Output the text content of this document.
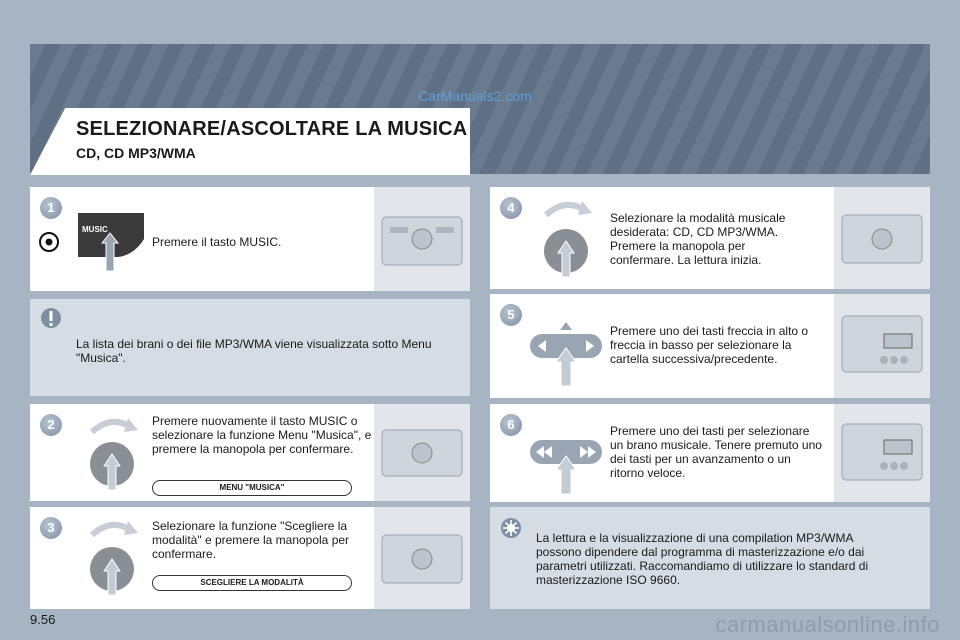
CarManuals2.com
SELEZIONARE/ASCOLTARE LA MUSICA
CD, CD MP3/WMA
1
MUSIC
Premere il tasto MUSIC.
La lista dei brani o dei file MP3/WMA viene visualizzata sotto Menu "Musica".
2	Premere nuovamente il tasto MUSIC o selezionare la funzione Menu "Musica", e premere la manopola per confermare.
MENU "MUSICA"
3	Selezionare la funzione "Scegliere la modalità" e premere la manopola per confermare.
SCEGLIERE LA MODALITÀ
4
Selezionare la modalità musicale desiderata: CD, CD MP3/WMA. Premere la manopola per confermare. La lettura inizia.
5
Premere uno dei tasti freccia in alto o freccia in basso per selezionare la cartella successiva/precedente.
6	Premere uno dei tasti per selezionare un brano musicale. Tenere premuto uno dei tasti per un avanzamento o un ritorno veloce.
La lettura e la visualizzazione di una compilation MP3/WMA possono dipendere dal programma di masterizzazione e/o dai parametri utilizzati. Raccomandiamo di utilizzare lo standard di masterizzazione ISO 9660.
9.56	carmanualsonline.info
